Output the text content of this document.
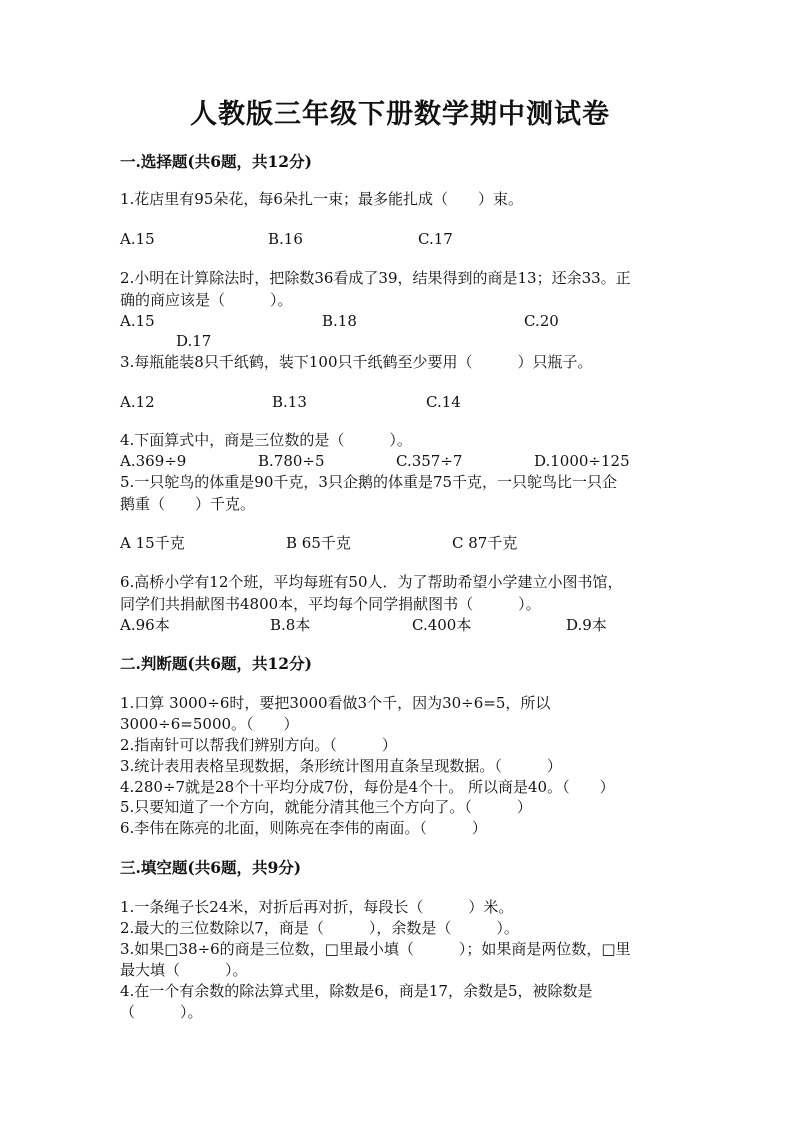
人教版三年级下册数学期中测试卷
一.选择题(共6题，共12分)
1.花店里有95朵花，每6朵扎一束；最多能扎成（　　）束。
A.15	B.16	C.17
2.小明在计算除法时，把除数36看成了39，结果得到的商是13；还余33。正
确的商应该是（　　　）。
A.15	B.18	C.20
D.17
3.每瓶能装8只千纸鹤，装下100只千纸鹤至少要用（　　　）只瓶子。
A.12	B.13	C.14
4.下面算式中，商是三位数的是（　　　）。
A.369÷9	B.780÷5	C.357÷7	D.1000÷125
5.一只鸵鸟的体重是90千克，3只企鹅的体重是75千克，一只鸵鸟比一只企
鹅重（　　）千克。
A 15千克	B 65千克	C 87千克
6.高桥小学有12个班，平均每班有50人．为了帮助希望小学建立小图书馆，
同学们共捐献图书4800本，平均每个同学捐献图书（　　　）。
A.96本	B.8本	C.400本	D.9本
二.判断题(共6题，共12分)
1.口算 3000÷6时，要把3000看做3个千，因为30÷6=5，所以
3000÷6=5000。（　　）
2.指南针可以帮我们辨别方向。（　　　）
3.统计表用表格呈现数据，条形统计图用直条呈现数据。（　　　）
4.280÷7就是28个十平均分成7份，每份是4个十。 所以商是40。（　　）
5.只要知道了一个方向，就能分清其他三个方向了。（　　　）
6.李伟在陈亮的北面，则陈亮在李伟的南面。（　　　）
三.填空题(共6题，共9分)
1.一条绳子长24米，对折后再对折，每段长（　　　）米。
2.最大的三位数除以7，商是（　　　），余数是（　　　）。
3.如果□38÷6的商是三位数，□里最小填（　　　）；如果商是两位数，□里
最大填（　　　）。
4.在一个有余数的除法算式里，除数是6，商是17，余数是5，被除数是
（　　　）。
